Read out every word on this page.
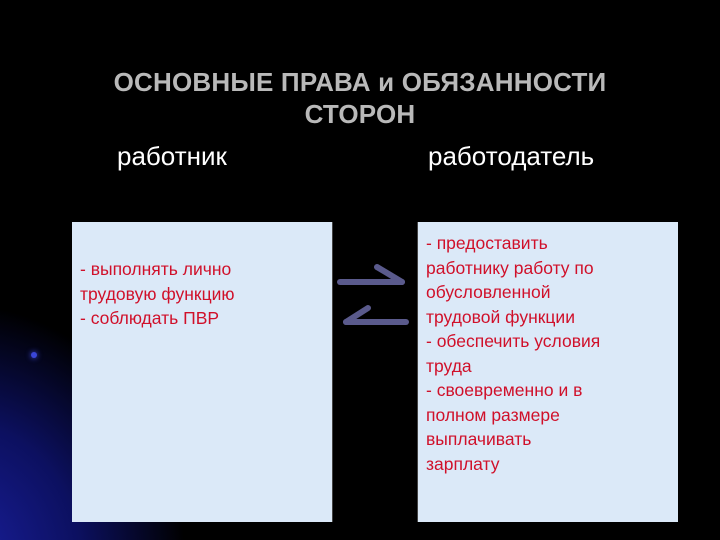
ОСНОВНЫЕ ПРАВА и ОБЯЗАННОСТИ
СТОРОН
работник	работодатель
- выполнять лично
трудовую функцию
- соблюдать ПВР
- предоставить
работнику работу по
обусловленной
трудовой функции
- обеспечить условия
труда
- своевременно и в
полном размере
выплачивать
зарплату
